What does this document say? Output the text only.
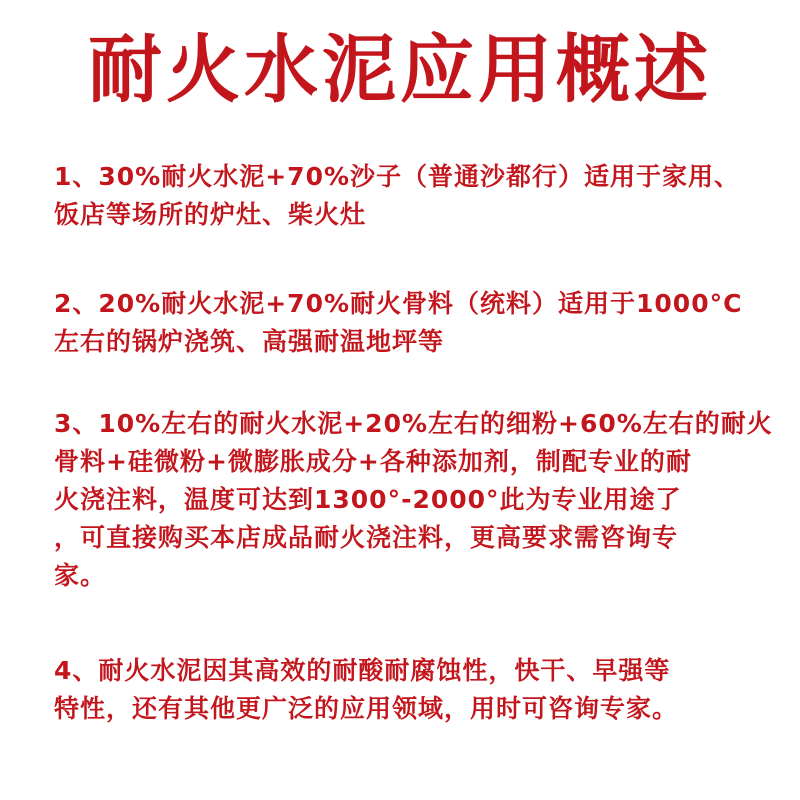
耐火水泥应用概述
1、30%耐火水泥+70%沙子（普通沙都行）适用于家用、
饭店等场所的炉灶、柴火灶
2、20%耐火水泥+70%耐火骨料（统料）适用于1000°C
左右的锅炉浇筑、高强耐温地坪等
3、10%左右的耐火水泥+20%左右的细粉+60%左右的耐火
骨料+硅微粉+微膨胀成分+各种添加剂，制配专业的耐
火浇注料，温度可达到1300°-2000°此为专业用途了
，可直接购买本店成品耐火浇注料，更高要求需咨询专
家。
4、耐火水泥因其高效的耐酸耐腐蚀性，快干、早强等
特性，还有其他更广泛的应用领域，用时可咨询专家。
